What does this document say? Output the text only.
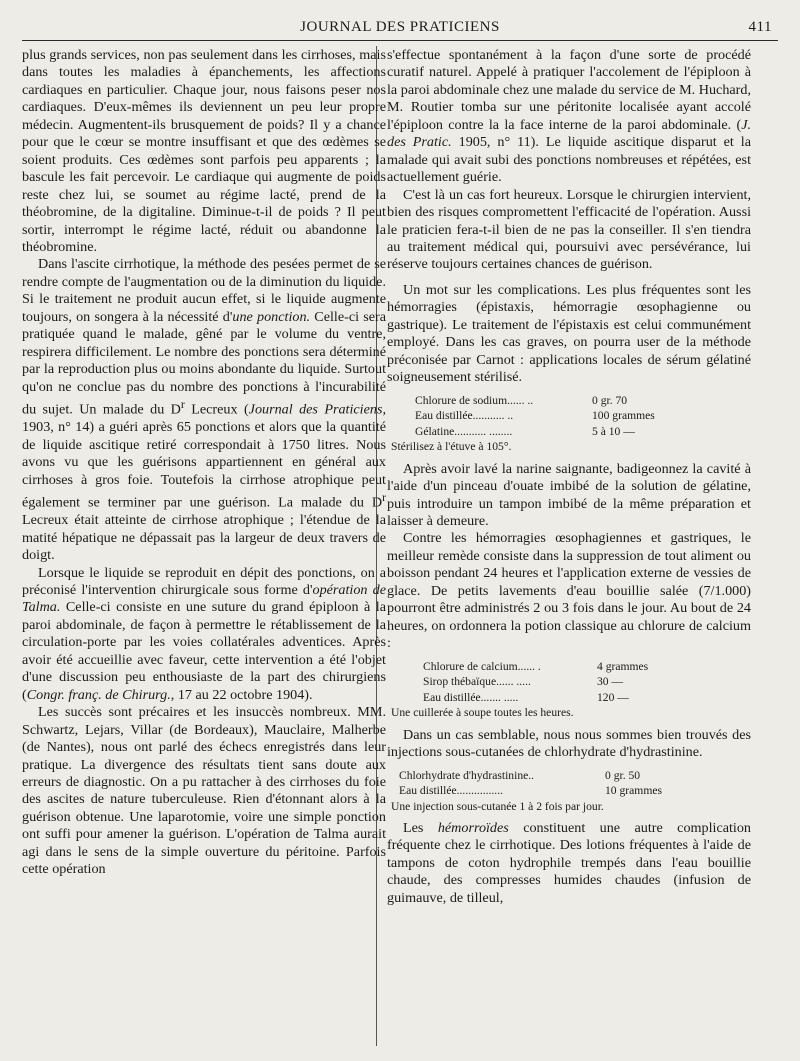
JOURNAL DES PRATICIENS	411

plus grands services, non pas seulement dans les cirrhoses, mais dans toutes les maladies à épanchements, les affections cardiaques en particulier. Chaque jour, nous faisons peser nos cardiaques. D'eux-mêmes ils deviennent un peu leur propre médecin. Augmentent-ils brusquement de poids? Il y a chance pour que le cœur se montre insuffisant et que des œdèmes se soient produits. Ces œdèmes sont parfois peu apparents ; la bascule les fait percevoir. Le cardiaque qui augmente de poids reste chez lui, se soumet au régime lacté, prend de la théobromine, de la digitaline. Diminue-t-il de poids ? Il peut sortir, interrompt le régime lacté, réduit ou abandonne la théobromine.

Dans l'ascite cirrhotique, la méthode des pesées permet de se rendre compte de l'augmentation ou de la diminution du liquide. Si le traitement ne produit aucun effet, si le liquide augmente toujours, on songera à la nécessité d'une ponction. Celle-ci sera pratiquée quand le malade, gêné par le volume du ventre, respirera difficilement. Le nombre des ponctions sera déterminé par la reproduction plus ou moins abondante du liquide. Surtout qu'on ne conclue pas du nombre des ponctions à l'incurabilité du sujet. Un malade du $D^r$ Lecreux (Journal des Praticiens, 1903, n° 14) a guéri après 65 ponctions et alors que la quantité de liquide ascitique retiré correspondait à 1750 litres. Nous avons vu que les guérisons appartiennent en général aux cirrhoses à gros foie. Toutefois la cirrhose atrophique peut également se terminer par une guérison. La malade du $D^r$ Lecreux était atteinte de cirrhose atrophique ; l'étendue de la matité hépatique ne dépassait pas la largeur de deux travers de doigt.

Lorsque le liquide se reproduit en dépit des ponctions, on a préconisé l'intervention chirurgicale sous forme d'opération de Talma. Celle-ci consiste en une suture du grand épiploon à la paroi abdominale, de façon à permettre le rétablissement de la circulation-porte par les voies collatérales adventices. Après avoir été accueillie avec faveur, cette intervention a été l'objet d'une discussion peu enthousiaste de la part des chirurgiens (Congr. franç. de Chirurg., 17 au 22 octobre 1904).

Les succès sont précaires et les insuccès nombreux. MM. Schwartz, Lejars, Villar (de Bordeaux), Mauclaire, Malherbe (de Nantes), nous ont parlé des échecs enregistrés dans leur pratique. La divergence des résultats tient sans doute aux erreurs de diagnostic. On a pu rattacher à des cirrhoses du foie des ascites de nature tuberculeuse. Rien d'étonnant alors à la guérison obtenue. Une laparotomie, voire une simple ponction ont suffi pour amener la guérison. L'opération de Talma aurait agi dans le sens de la simple ouverture du péritoine. Parfois cette opération

s'effectue spontanément à la façon d'une sorte de procédé curatif naturel. Appelé à pratiquer l'accolement de l'épiploon à la paroi abdominale chez une malade du service de M. Huchard, M. Routier tomba sur une péritonite localisée ayant accolé l'épiploon contre la la face interne de la paroi abdominale. (J. des Pratic. 1905, n° 11). Le liquide ascitique disparut et la malade qui avait subi des ponctions nombreuses et répétées, est actuellement guérie.

C'est là un cas fort heureux. Lorsque le chirurgien intervient, bien des risques compromettent l'efficacité de l'opération. Aussi le praticien fera-t-il bien de ne pas la conseiller. Il s'en tiendra au traitement médical qui, poursuivi avec persévérance, lui réserve toujours certaines chances de guérison.

Un mot sur les complications. Les plus fréquentes sont les hémorragies (épistaxis, hémorragie œsophagienne ou gastrique). Le traitement de l'épistaxis est celui communément employé. Dans les cas graves, on pourra user de la méthode préconisée par Carnot : applications locales de sérum gélatiné soigneusement stérilisé.

Chlorure de sodium...... ..	0 gr. 70
Eau distillée........... ..	100 grammes
Gélatine........... ........	5 à 10 —
Stérilisez à l'étuve à 105°.

Après avoir lavé la narine saignante, badigeonnez la cavité à l'aide d'un pinceau d'ouate imbibé de la solution de gélatine, puis introduire un tampon imbibé de la même préparation et laisser à demeure.

Contre les hémorragies œsophagiennes et gastriques, le meilleur remède consiste dans la suppression de tout aliment ou boisson pendant 24 heures et l'application externe de vessies de glace. De petits lavements d'eau bouillie salée (7/1.000) pourront être administrés 2 ou 3 fois dans le jour. Au bout de 24 heures, on ordonnera la potion classique au chlorure de calcium :

Chlorure de calcium...... .	4 grammes
Sirop thébaïque...... .....	30 —
Eau distillée....... .....	120 —
Une cuillerée à soupe toutes les heures.

Dans un cas semblable, nous nous sommes bien trouvés des injections sous-cutanées de chlorhydrate d'hydrastinine.

Chlorhydrate d'hydrastinine..	0 gr. 50
Eau distillée................	10 grammes
Une injection sous-cutanée 1 à 2 fois par jour.

Les hémorroïdes constituent une autre complication fréquente chez le cirrhotique. Des lotions fréquentes à l'aide de tampons de coton hydrophile trempés dans l'eau bouillie chaude, des compresses humides chaudes (infusion de guimauve, de tilleul,
